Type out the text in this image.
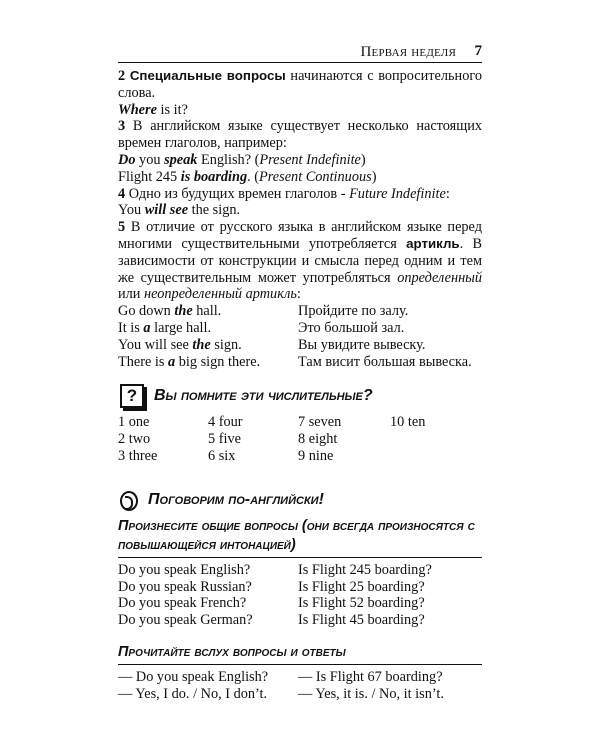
Первая неделя 7

2 Специальные вопросы начинаются с вопросительного слова.

Where is it?

3 В английском языке существует несколько настоящих времен глаголов, например:

Do you speak English? (Present Indefinite)

Flight 245 is boarding. (Present Continuous)

4 Одно из будущих времен глаголов - Future Indefinite:

You will see the sign.

5 В отличие от русского языка в английском языке перед многими существительными употребляется артикль. В зависимости от конструкции и смысла перед одним и тем же существительным может употребляться определенный или неопределенный артикль:

Go down the hall.	Пройдите по залу.
It is a large hall.	Это большой зал.
You will see the sign.	Вы увидите вывеску.
There is a big sign there.	Там висит большая вывеска.
?	Вы помните эти числительные?
1 one	4 four	7 seven	10 ten
2 two	5 five	8 eight
3 three	6 six	9 nine
Поговорим по-английски!
Произнесите общие вопросы (они всегда произносятся с повышающейся интонацией)
Do you speak English?	Is Flight 245 boarding?
Do you speak Russian?	Is Flight 25 boarding?
Do you speak French?	Is Flight 52 boarding?
Do you speak German?	Is Flight 45 boarding?
Прочитайте вслух вопросы и ответы
— Do you speak English?	— Is Flight 67 boarding?
— Yes, I do. / No, I don’t.	— Yes, it is. / No, it isn’t.
